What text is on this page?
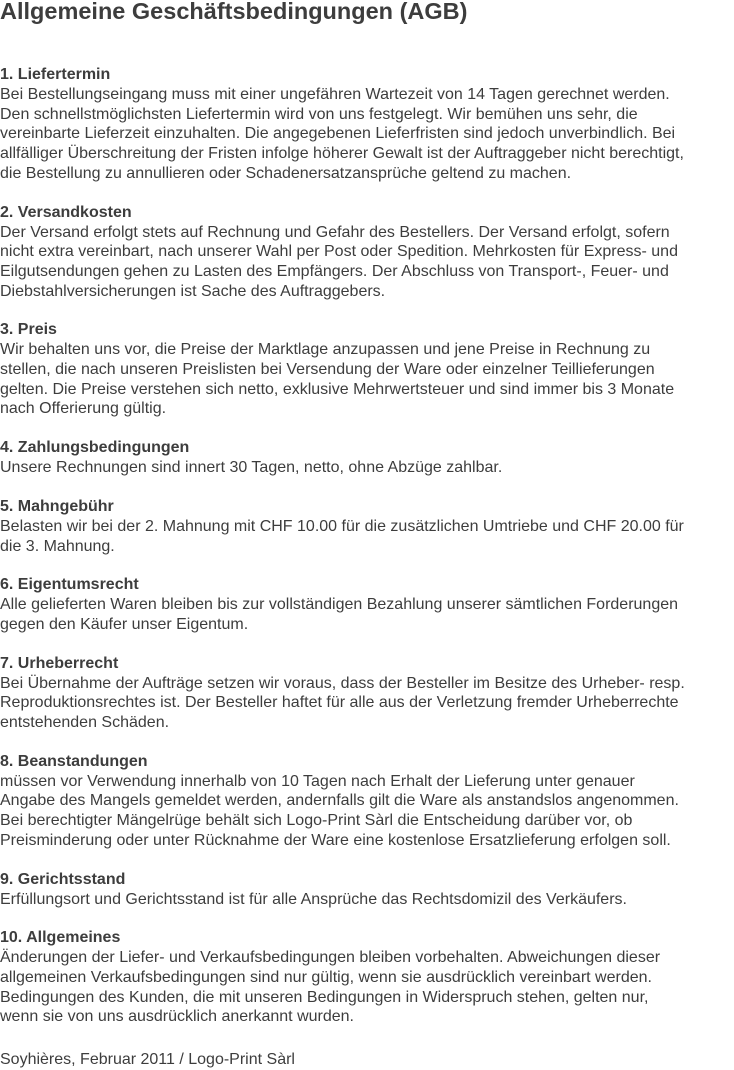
Allgemeine Geschäftsbedingungen (AGB)
1. Liefertermin
Bei Bestellungseingang muss mit einer ungefähren Wartezeit von 14 Tagen gerechnet werden.
Den schnellstmöglichsten Liefertermin wird von uns festgelegt. Wir bemühen uns sehr, die
vereinbarte Lieferzeit einzuhalten. Die angegebenen Lieferfristen sind jedoch unverbindlich. Bei
allfälliger Überschreitung der Fristen infolge höherer Gewalt ist der Auftraggeber nicht berechtigt,
die Bestellung zu annullieren oder Schadenersatzansprüche geltend zu machen.
2. Versandkosten
Der Versand erfolgt stets auf Rechnung und Gefahr des Bestellers. Der Versand erfolgt, sofern
nicht extra vereinbart, nach unserer Wahl per Post oder Spedition. Mehrkosten für Express- und
Eilgutsendungen gehen zu Lasten des Empfängers. Der Abschluss von Transport-, Feuer- und
Diebstahlversicherungen ist Sache des Auftraggebers.
3. Preis
Wir behalten uns vor, die Preise der Marktlage anzupassen und jene Preise in Rechnung zu
stellen, die nach unseren Preislisten bei Versendung der Ware oder einzelner Teillieferungen
gelten. Die Preise verstehen sich netto, exklusive Mehrwertsteuer und sind immer bis 3 Monate
nach Offerierung gültig.
4. Zahlungsbedingungen
Unsere Rechnungen sind innert 30 Tagen, netto, ohne Abzüge zahlbar.
5. Mahngebühr
Belasten wir bei der 2. Mahnung mit CHF 10.00 für die zusätzlichen Umtriebe und CHF 20.00 für
die 3. Mahnung.
6. Eigentumsrecht
Alle gelieferten Waren bleiben bis zur vollständigen Bezahlung unserer sämtlichen Forderungen
gegen den Käufer unser Eigentum.
7. Urheberrecht
Bei Übernahme der Aufträge setzen wir voraus, dass der Besteller im Besitze des Urheber- resp.
Reproduktionsrechtes ist. Der Besteller haftet für alle aus der Verletzung fremder Urheberrechte
entstehenden Schäden.
8. Beanstandungen
müssen vor Verwendung innerhalb von 10 Tagen nach Erhalt der Lieferung unter genauer
Angabe des Mangels gemeldet werden, andernfalls gilt die Ware als anstandslos angenommen.
Bei berechtigter Mängelrüge behält sich Logo-Print Sàrl die Entscheidung darüber vor, ob
Preisminderung oder unter Rücknahme der Ware eine kostenlose Ersatzlieferung erfolgen soll.
9. Gerichtsstand
Erfüllungsort und Gerichtsstand ist für alle Ansprüche das Rechtsdomizil des Verkäufers.
10. Allgemeines
Änderungen der Liefer- und Verkaufsbedingungen bleiben vorbehalten. Abweichungen dieser
allgemeinen Verkaufsbedingungen sind nur gültig, wenn sie ausdrücklich vereinbart werden.
Bedingungen des Kunden, die mit unseren Bedingungen in Widerspruch stehen, gelten nur,
wenn sie von uns ausdrücklich anerkannt wurden.
Soyhières, Februar 2011 / Logo-Print Sàrl
